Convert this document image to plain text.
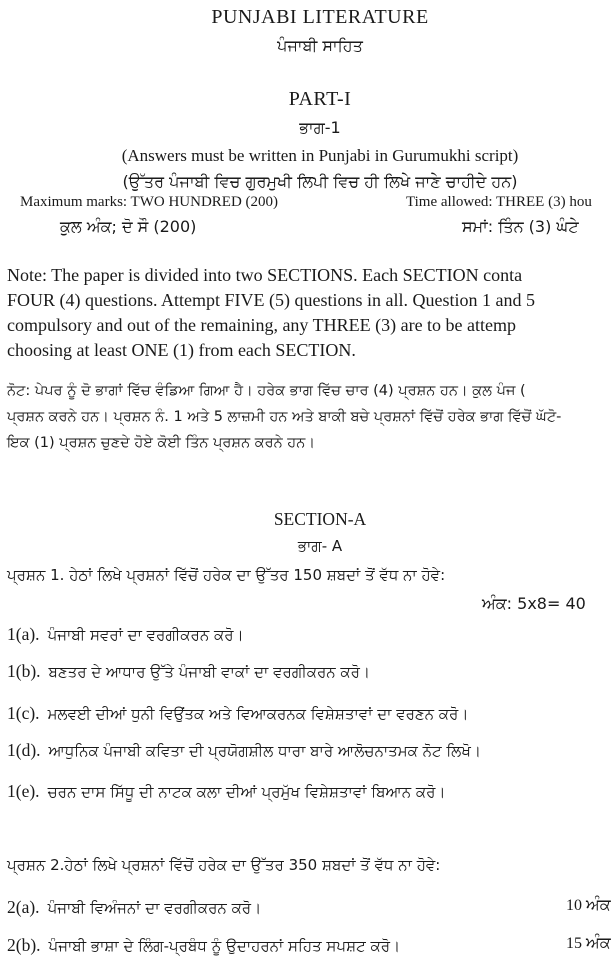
PUNJABI LITERATURE
ਪੰਜਾਬੀ ਸਾਹਿਤ
PART-I
ਭਾਗ-1
(Answers must be written in Punjabi in Gurumukhi script)
(ਉੱਤਰ ਪੰਜਾਬੀ ਵਿਚ ਗੁਰਮੁਖੀ ਲਿਪੀ ਵਿਚ ਹੀ ਲਿਖੇ ਜਾਣੇ ਚਾਹੀਦੇ ਹਨ)
Maximum marks: TWO HUNDRED (200)	Time allowed: THREE (3) hou
ਕੁਲ ਅੰਕ; ਦੋ ਸੌ (200)	ਸਮਾਂ: ਤਿੰਨ (3) ਘੰਟੇ
Note: The paper is divided into two SECTIONS. Each SECTION conta
FOUR (4) questions. Attempt FIVE (5) questions in all. Question 1 and 5
compulsory and out of the remaining, any THREE (3) are to be attemp
choosing at least ONE (1) from each SECTION.
ਨੋਟ: ਪੇਪਰ ਨੂੰ ਦੋ ਭਾਗਾਂ ਵਿੱਚ ਵੰਡਿਆ ਗਿਆ ਹੈ। ਹਰੇਕ ਭਾਗ ਵਿੱਚ ਚਾਰ (4) ਪ੍ਰਸ਼ਨ ਹਨ। ਕੁਲ ਪੰਜ (
ਪ੍ਰਸ਼ਨ ਕਰਨੇ ਹਨ। ਪ੍ਰਸ਼ਨ ਨੰ. 1 ਅਤੇ 5 ਲਾਜ਼ਮੀ ਹਨ ਅਤੇ ਬਾਕੀ ਬਚੇ ਪ੍ਰਸ਼ਨਾਂ ਵਿੱਚੋਂ ਹਰੇਕ ਭਾਗ ਵਿੱਚੋਂ ਘੱਟੋ-
ਇਕ (1) ਪ੍ਰਸ਼ਨ ਚੁਣਦੇ ਹੋਏ ਕੋਈ ਤਿੰਨ ਪ੍ਰਸ਼ਨ ਕਰਨੇ ਹਨ।
SECTION-A
ਭਾਗ- A
ਪ੍ਰਸ਼ਨ 1. ਹੇਠਾਂ ਲਿਖੇ ਪ੍ਰਸ਼ਨਾਂ ਵਿੱਚੋਂ ਹਰੇਕ ਦਾ ਉੱਤਰ 150 ਸ਼ਬਦਾਂ ਤੋਂ ਵੱਧ ਨਾ ਹੋਵੇ:
ਅੰਕ: 5x8= 40
1(a). ਪੰਜਾਬੀ ਸਵਰਾਂ ਦਾ ਵਰਗੀਕਰਨ ਕਰੋ।
1(b). ਬਣਤਰ ਦੇ ਆਧਾਰ ਉੱਤੇ ਪੰਜਾਬੀ ਵਾਕਾਂ ਦਾ ਵਰਗੀਕਰਨ ਕਰੋ।
1(c). ਮਲਵਈ ਦੀਆਂ ਧੁਨੀ ਵਿਉਂਤਕ ਅਤੇ ਵਿਆਕਰਨਕ ਵਿਸ਼ੇਸ਼ਤਾਵਾਂ ਦਾ ਵਰਣਨ ਕਰੋ।
1(d). ਆਧੁਨਿਕ ਪੰਜਾਬੀ ਕਵਿਤਾ ਦੀ ਪ੍ਰਯੋਗਸ਼ੀਲ ਧਾਰਾ ਬਾਰੇ ਆਲੋਚਨਾਤਮਕ ਨੋਟ ਲਿਖੋ।
1(e). ਚਰਨ ਦਾਸ ਸਿੱਧੂ ਦੀ ਨਾਟਕ ਕਲਾ ਦੀਆਂ ਪ੍ਰਮੁੱਖ ਵਿਸ਼ੇਸ਼ਤਾਵਾਂ ਬਿਆਨ ਕਰੋ।
ਪ੍ਰਸ਼ਨ 2.ਹੇਠਾਂ ਲਿਖੇ ਪ੍ਰਸ਼ਨਾਂ ਵਿੱਚੋਂ ਹਰੇਕ ਦਾ ਉੱਤਰ 350 ਸ਼ਬਦਾਂ ਤੋਂ ਵੱਧ ਨਾ ਹੋਵੇ:
2(a). ਪੰਜਾਬੀ ਵਿਅੰਜਨਾਂ ਦਾ ਵਰਗੀਕਰਨ ਕਰੋ।	10 ਅੰਕ
2(b). ਪੰਜਾਬੀ ਭਾਸ਼ਾ ਦੇ ਲਿੰਗ-ਪ੍ਰਬੰਧ ਨੂੰ ਉਦਾਹਰਨਾਂ ਸਹਿਤ ਸਪਸ਼ਟ ਕਰੋ।	15 ਅੰਕ
